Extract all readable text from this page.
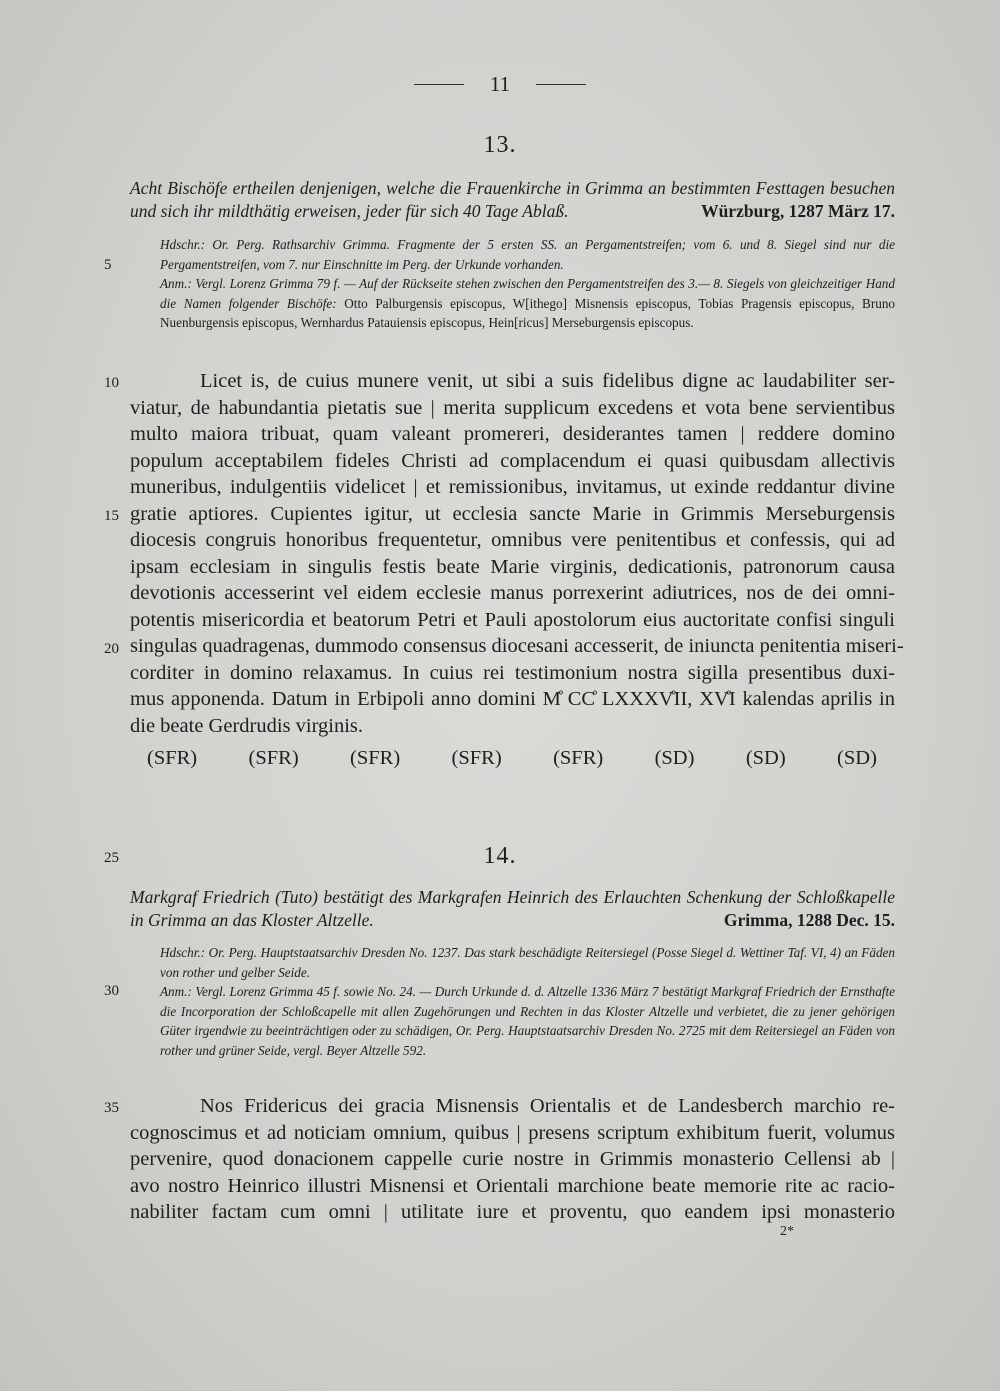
11
13.
Acht Bischöfe ertheilen denjenigen, welche die Frauenkirche in Grimma an bestimmten Festtagen besuchen und sich ihr mildthätig erweisen, jeder für sich 40 Tage Ablaß.	Würzburg, 1287 März 17.
Hdschr.: Or. Perg. Rathsarchiv Grimma. Fragmente der 5 ersten SS. an Pergamentstreifen; vom 6. und 8. Siegel sind nur die Pergamentstreifen, vom 7. nur Einschnitte im Perg. der Urkunde vorhanden.
Anm.: Vergl. Lorenz Grimma 79 f. — Auf der Rückseite stehen zwischen den Pergamentstreifen des 3.— 8. Siegels von gleichzeitiger Hand die Namen folgender Bischöfe: Otto Palburgensis episcopus, W[ithego] Misnensis episcopus, Tobias Pragensis episcopus, Bruno Nuenburgensis episcopus, Wernhardus Patauiensis episcopus, Hein[ricus] Merseburgensis episcopus.
Licet is, de cuius munere venit, ut sibi a suis fidelibus digne ac laudabiliter ser-
viatur, de habundantia pietatis sue | merita supplicum excedens et vota bene servientibus
multo maiora tribuat, quam valeant promereri, desiderantes tamen | reddere domino
populum acceptabilem fideles Christi ad complacendum ei quasi quibusdam allectivis
muneribus, indulgentiis videlicet | et remissionibus, invitamus, ut exinde reddantur divine
gratie aptiores. Cupientes igitur, ut ecclesia sancte Marie in Grimmis Merseburgensis
diocesis congruis honoribus frequentetur, omnibus vere penitentibus et confessis, qui ad
ipsam ecclesiam in singulis festis beate Marie virginis, dedicationis, patronorum causa
devotionis accesserint vel eidem ecclesie manus porrexerint adiutrices, nos de dei omni-
potentis misericordia et beatorum Petri et Pauli apostolorum eius auctoritate confisi singuli
singulas quadragenas, dummodo consensus diocesani accesserit, de iniuncta penitentia miseri-
corditer in domino relaxamus. In cuius rei testimonium nostra sigilla presentibus duxi-
mus apponenda. Datum in Erbipoli anno domini M̊ CC̊ LXXXV̊II, XV̊I kalendas aprilis in
die beate Gerdrudis virginis.
(SFR)	(SFR)	(SFR)	(SFR)	(SFR)	(SD)	(SD)	(SD)
14.
Markgraf Friedrich (Tuto) bestätigt des Markgrafen Heinrich des Erlauchten Schenkung der Schloßkapelle in Grimma an das Kloster Altzelle.	Grimma, 1288 Dec. 15.
Hdschr.: Or. Perg. Hauptstaatsarchiv Dresden No. 1237. Das stark beschädigte Reitersiegel (Posse Siegel d. Wettiner Taf. VI, 4) an Fäden von rother und gelber Seide.
Anm.: Vergl. Lorenz Grimma 45 f. sowie No. 24. — Durch Urkunde d. d. Altzelle 1336 März 7 bestätigt Markgraf Friedrich der Ernsthafte die Incorporation der Schloßcapelle mit allen Zugehörungen und Rechten in das Kloster Altzelle und verbietet, die zu jener gehörigen Güter irgendwie zu beeinträchtigen oder zu schädigen, Or. Perg. Hauptstaatsarchiv Dresden No. 2725 mit dem Reitersiegel an Fäden von rother und grüner Seide, vergl. Beyer Altzelle 592.
Nos Fridericus dei gracia Misnensis Orientalis et de Landesberch marchio re-
cognoscimus et ad noticiam omnium, quibus | presens scriptum exhibitum fuerit, volumus
pervenire, quod donacionem cappelle curie nostre in Grimmis monasterio Cellensi ab |
avo nostro Heinrico illustri Misnensi et Orientali marchione beate memorie rite ac racio-
nabiliter factam cum omni | utilitate iure et proventu, quo eandem ipsi monasterio
5
10
15
20
25
30
35
2*
